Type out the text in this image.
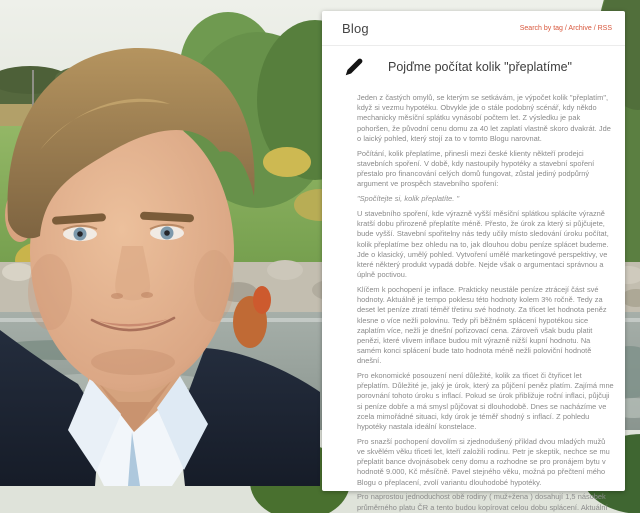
Blog	Search by tag / Archive / RSS
Pojďme počítat kolik "přeplatíme"

Jeden z častých omylů, se kterým se setkávám, je výpočet kolik "přeplatím", když si vezmu hypotéku. Obvykle jde o stále podobný scénář, kdy někdo mechanicky měsíční splátku vynásobí počtem let. Z výsledku je pak pohoršen, že původní cenu domu za 40 let zaplatí vlastně skoro dvakrát. Jde o laický pohled, který stojí za to v tomto Blogu narovnat.

Počítání, kolik přeplatíme, přinesli mezi české klienty někteří prodejci stavebních spoření. V době, kdy nastoupily hypotéky a stavební spoření přestalo pro financování celých domů fungovat, zůstal jediný podpůrný argument ve prospěch stavebního spoření:

"Spočítejte si, kolik přeplatíte. "

U stavebního spoření, kde výrazně vyšší měsíční splátkou splácíte výrazně kratší dobu přirozeně přeplatíte méně. Přesto, že úrok za který si půjčujete, bude vyšší. Stavební spořitelny nás tedy učily místo sledování úroku počítat, kolik přeplatíme bez ohledu na to, jak dlouhou dobu peníze splácet budeme. Jde o klasický, umělý pohled. Vytvoření umělé marketingové perspektivy, ve které některý produkt vypadá dobře. Nejde však o argumentaci správnou a úplně poctivou.

Klíčem k pochopení je inflace. Prakticky neustále peníze ztrácejí část své hodnoty. Aktuálně je tempo poklesu této hodnoty kolem 3% ročně. Tedy za deset let peníze ztratí téměř třetinu své hodnoty. Za třicet let hodnota peněz klesne o více nežli polovinu. Tedy při běžném splácení hypotékou sice zaplatím více, nežli je dnešní pořizovací cena. Zároveň však budu platit penězi, které vlivem inflace budou mít výrazně nižší kupní hodnotu. Na samém konci splácení bude tato hodnota méně nežli poloviční hodnotě dnešní.

Pro ekonomické posouzení není důležité, kolik za třicet či čtyřicet let přeplatím. Důležité je, jaký je úrok, který za půjčení peněz platím. Zajímá mne porovnání tohoto úroku s inflací. Pokud se úrok přibližuje roční inflaci, půjčuji si peníze dobře a má smysl půjčovat si dlouhodobě. Dnes se nacházíme ve zcela mimořádné situaci, kdy úrok je téměř shodný s inflací. Z pohledu hypotéky nastala ideální konstelace.

Pro snazší pochopení dovolím si zjednodušený příklad dvou mladých mužů ve skvělém věku třiceti let, kteří založili rodinu. Petr je skeptik, nechce se mu přeplatit bance dvojnásobek ceny domu a rozhodne se pro pronájem bytu v hodnotě 9.000, Kč měsíčně. Pavel stejného věku, možná po přečtení mého Blogu o přeplacení, zvolí variantu dlouhodobé hypotéky.

Pro naprostou jednoduchost obě rodiny ( muž+žena ) dosahují 1,5 násobek průměrného platu ČR a tento budou kopírovat celou dobu splácení. Aktuální
